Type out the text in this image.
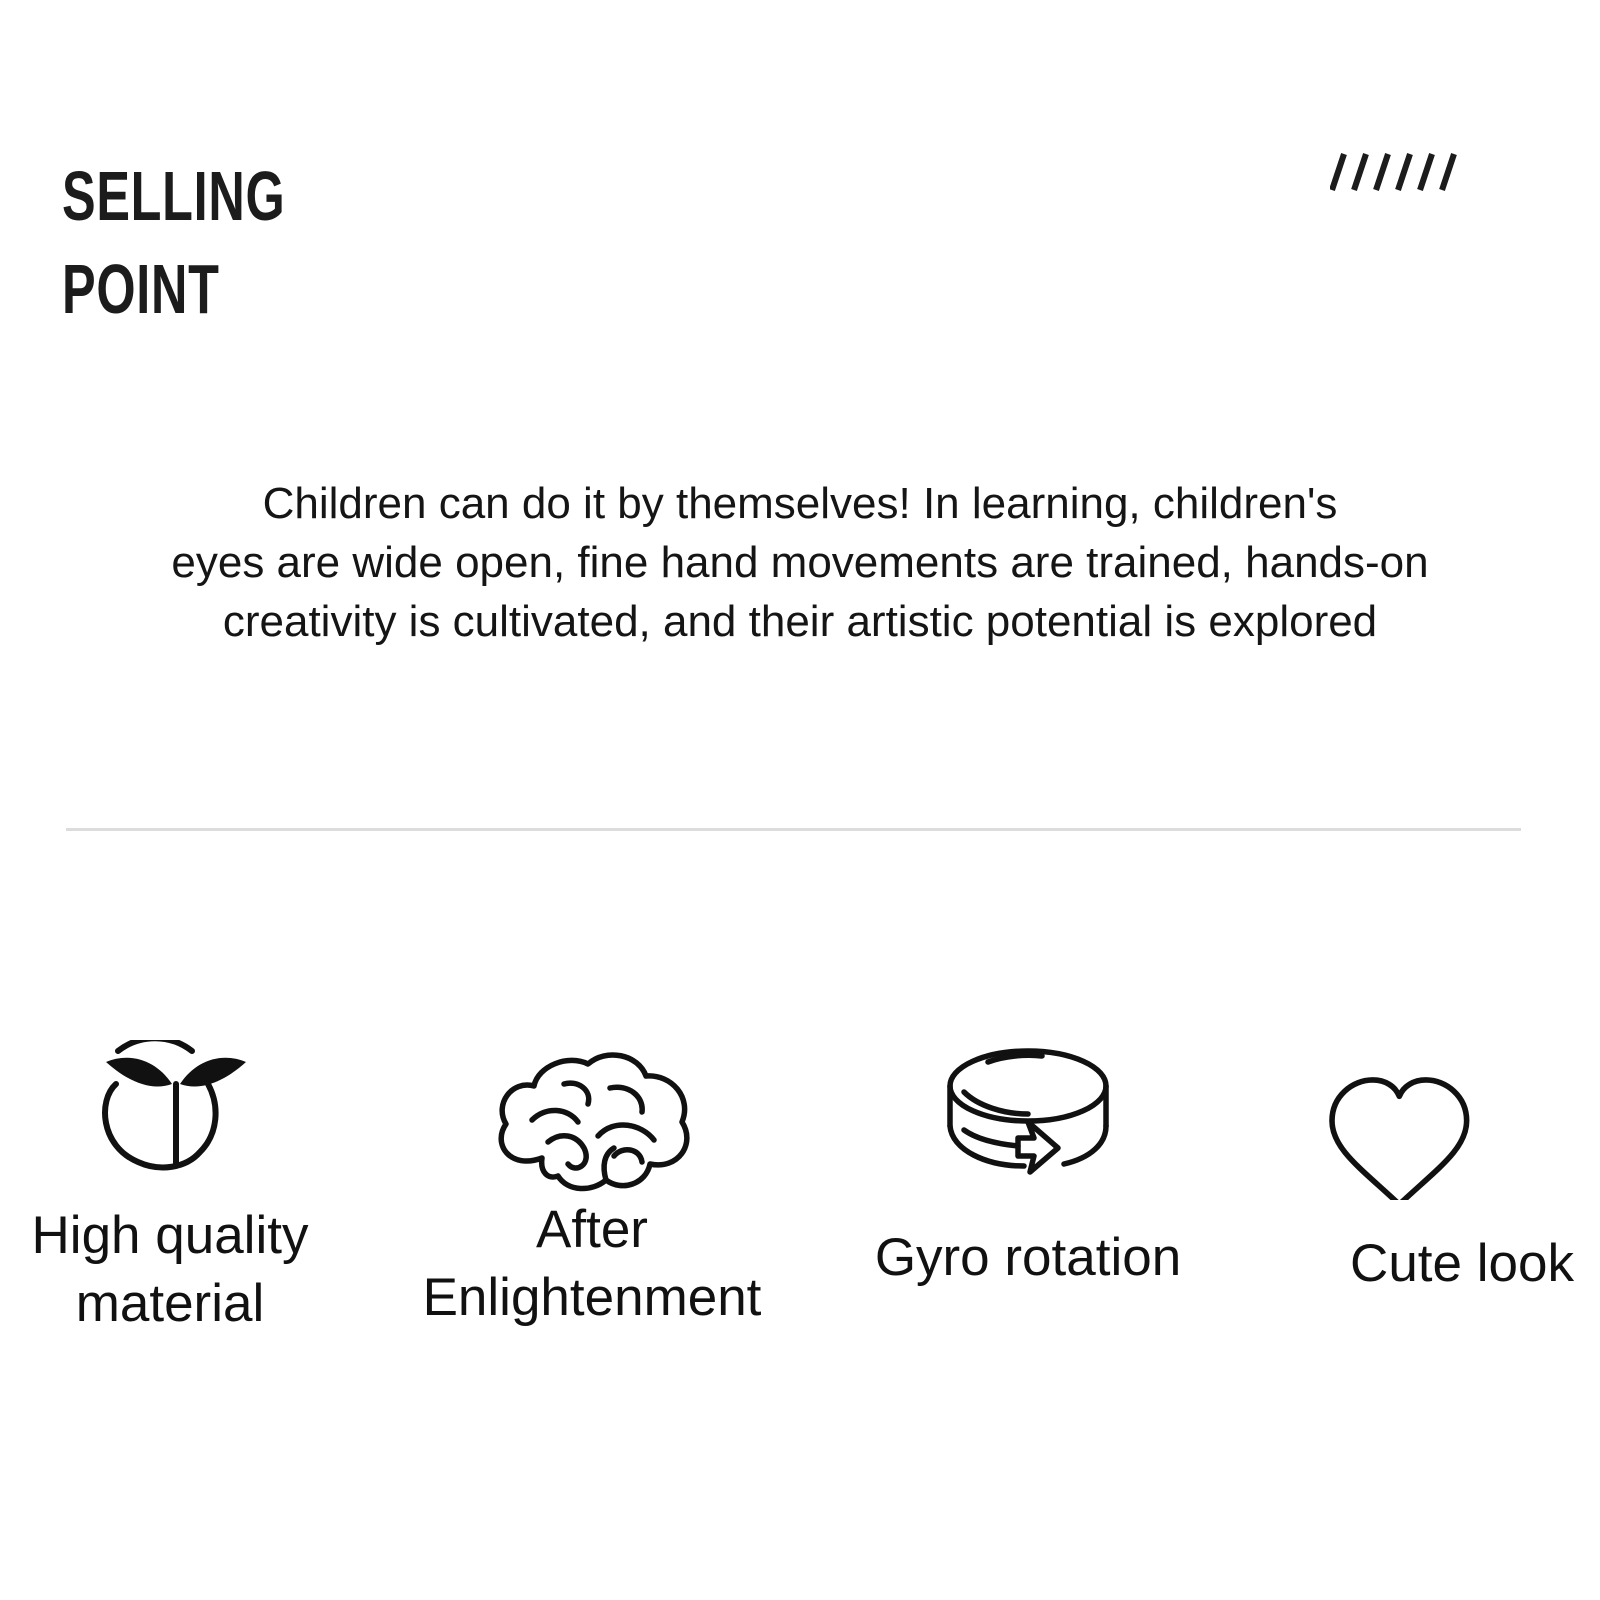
SELLING
POINT

Children can do it by themselves! In learning, children's
eyes are wide open, fine hand movements are trained, hands-on
creativity is cultivated, and their artistic potential is explored

High quality
material
After
Enlightenment
Gyro rotation	Cute look
